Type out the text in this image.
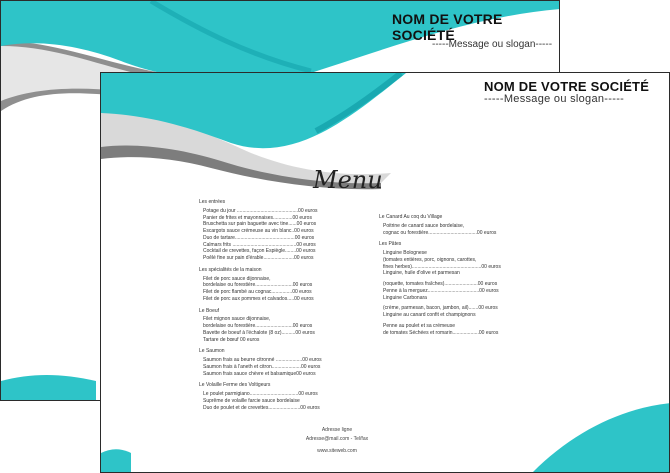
NOM DE VOTRE SOCIÉTÉ
-----Message ou slogan-----
NOM DE VOTRE SOCIÉTÉ
-----Message ou slogan-----
Menu
Les entrées
Potage du jour ............................................00 euros
Panier de frites et mayonnaises..............00 euros
Bruschetta sur pain baguette avec tine......00 euros
Escargots sauce crémeuse au vin blanc..00 euros
Duo de tartare...........................................00 euros
Calmars frits ..............................................00 euros
Cocktail de crevettes, façon Espiègle........00 euros
Poêlé fine sur pain d'érable......................00 euros
Les spécialités de la maison
Filet de porc sauce dijonnaise,
bordelaise ou forestière...........................00 euros
Filet de porc flambé au cognac...............00 euros
Filet de porc aux pommes et calvados.....00 euros
Le Boeuf
Filet mignon sauce dijonnaise,
bordelaise ou forestière...........................00 euros
Bavette de boeuf à l'échalote (8 oz)..........00 euros
Tartare de bœuf 00 euros
Le Saumon
Saumon frais au beurre citronné ...................00 euros
Saumon frais à l'aneth et citron.....................00 euros
Saumon frais sauce chèvre et balsamique00 euros
Le Volaille Ferme des Voltigeurs
Le poulet parmigiano...................................00 euros
Suprême de volaille farcie sauce bordelaise
Duo de poulet et de crevettes.......................00 euros
Le Canard Au coq du Village
Poitrine de canard sauce bordelaise,
cognac ou forestière...................................00 euros
Les Pâtes
Linguine Bolognese
(tomates entières, porc, oignons, carottes,
fines herbes)..................................................00 euros
Linguine, huile d'olive et parmesan
(roquette, tomates fraîches)........................00 euros
Penne à la merguez.....................................00 euros
Linguine Carbonara
(crème, parmesan, bacon, jambon, ail).......00 euros
Linguine au canard confit et champignons
Penne au poulet et sa crémeuse
de tomates Séchées et romarin...................00 euros
Adresse ligne
Adresse@mail.com - Tel/fax
www.siteweb.com
